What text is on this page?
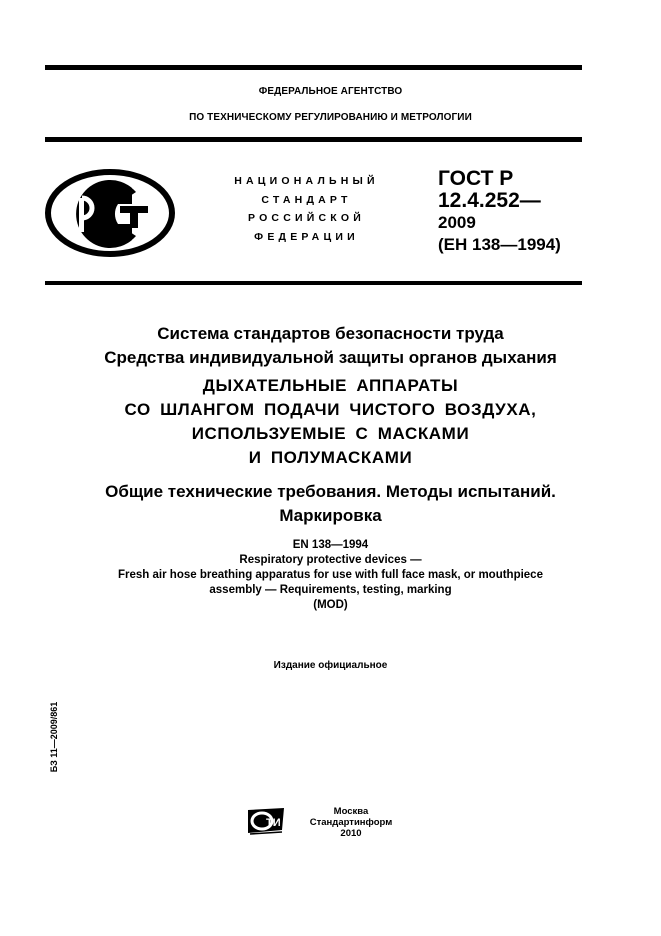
ФЕДЕРАЛЬНОЕ АГЕНТСТВО
ПО ТЕХНИЧЕСКОМУ РЕГУЛИРОВАНИЮ И МЕТРОЛОГИИ
НАЦИОНАЛЬНЫЙ
СТАНДАРТ
РОССИЙСКОЙ
ФЕДЕРАЦИИ
ГОСТ Р
12.4.252—
2009
(ЕН 138—1994)
Система стандартов безопасности труда
Средства индивидуальной защиты органов дыхания
ДЫХАТЕЛЬНЫЕ АППАРАТЫ
СО ШЛАНГОМ ПОДАЧИ ЧИСТОГО ВОЗДУХА,
ИСПОЛЬЗУЕМЫЕ С МАСКАМИ
И ПОЛУМАСКАМИ
Общие технические требования. Методы испытаний.
Маркировка
EN 138—1994
Respiratory protective devices —
Fresh air hose breathing apparatus for use with full face mask, or mouthpiece
assembly — Requirements, testing, marking
(MOD)
Издание официальное
БЗ 11—2009/861
ТИ
Москва
Стандартинформ
2010
